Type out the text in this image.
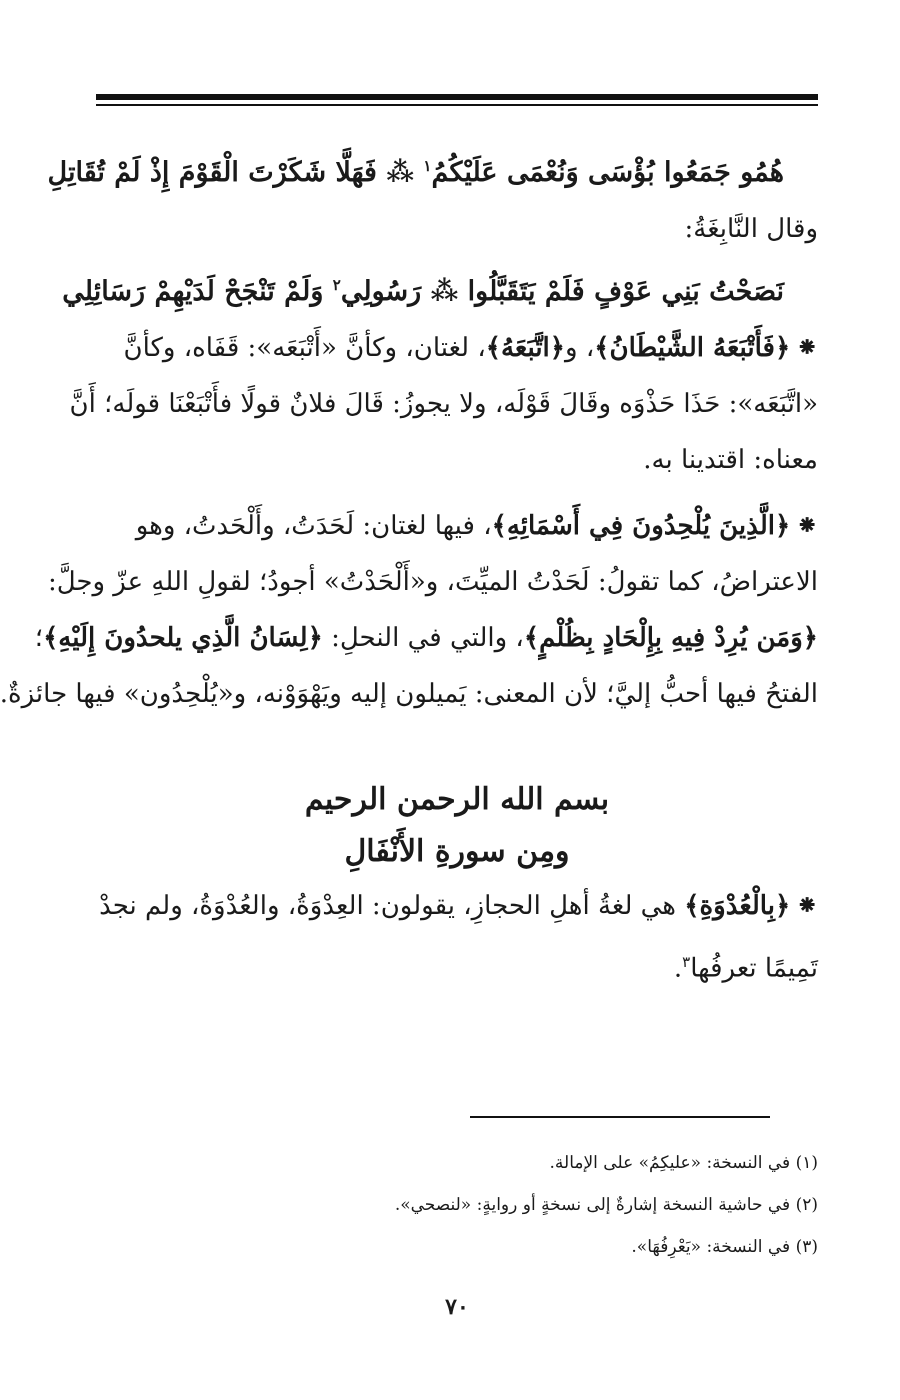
هُمُو جَمَعُوا بُؤْسَى وَنُعْمَى عَلَيْكُمُ$^١$ ⁂ فَهَلَّا شَكَرْتَ الْقَوْمَ إِذْ لَمْ تُقَاتِلِ
وقال النَّابِغَةُ:
نَصَحْتُ بَنِي عَوْفٍ فَلَمْ يَتَقَبَّلُوا ⁂ رَسُولِي$^٢$ وَلَمْ تَنْجَحْ لَدَيْهِمْ رَسَائِلِي
⁕﴿فَأَتْبَعَهُ الشَّيْطَانُ﴾، و﴿اتَّبَعَهُ﴾، لغتان، وكأنَّ «أَتْبَعَه»: قَفَاه، وكأنَّ
«اتَّبَعَه»: حَذَا حَذْوَه وقَالَ قَوْلَه، ولا يجوزُ: قَالَ فلانٌ قولًا فأَتْبَعْنَا قولَه؛ أَنَّ
معناه: اقتدينا به.
⁕﴿الَّذِينَ يُلْحِدُونَ فِي أَسْمَائِهِ﴾، فيها لغتان: لَحَدَتُ، وأَلْحَدتُ، وهو
الاعتراضُ، كما تقولُ: لَحَدْتُ الميِّتَ، و«أَلْحَدْتُ» أجودُ؛ لقولِ اللهِ عزّ وجلَّ:
﴿وَمَن يُرِدْ فِيهِ بِإِلْحَادٍ بِظُلْمٍ﴾، والتي في النحلِ: ﴿لِسَانُ الَّذِي يلحدُونَ إِلَيْهِ﴾؛
الفتحُ فيها أحبُّ إليَّ؛ لأن المعنى: يَميلون إليه ويَهْوَوْنه، و«يُلْحِدُون» فيها جائزةٌ.
بسم الله الرحمن الرحيم
ومِن سورةِ الأَنْفَالِ
⁕﴿بِالْعُدْوَةِ﴾ هي لغةُ أهلِ الحجازِ، يقولون: العِدْوَةُ، والعُدْوَةُ، ولم نجدْ
تَمِيمًا تعرفُها$^٣$.
(١) في النسخة: «عليكِمُ» على الإمالة.
(٢) في حاشية النسخة إشارةٌ إلى نسخةٍ أو روايةٍ: «لنصحي».
(٣) في النسخة: «يَعْرِفُهَا».
٧٠
